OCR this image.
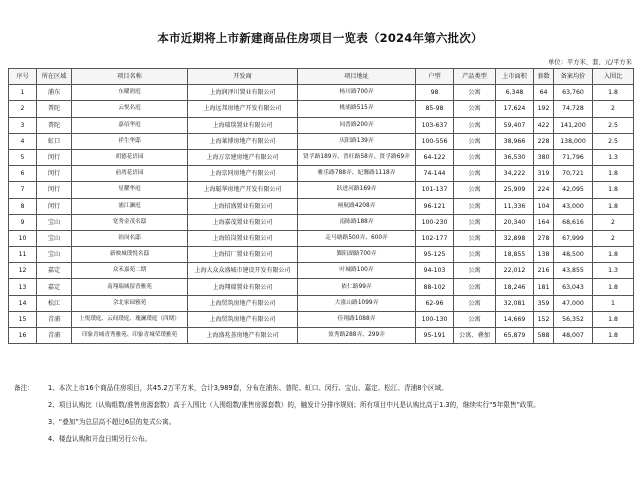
本市近期将上市新建商品住房项目一览表（2024年第六批次）
单位：平方米、套、元/平方米
序号	所在区域	项目名称	开发商	项目地址	户型	产品类型	上市面积	套数	备案均价	入围比
1	浦东	东曜润庭	上海润泽川置业有限公司	杨川路700弄	98	公寓	6,348	64	63,760	1.8
2	普陀	云悦名庭	上海远邦房地产开发有限公司	桃浦路515弄	85-98	公寓	17,624	192	74,728	2
3	普陀	嘉佰华庭	上海瑞琰置业有限公司	同普路200弄	103-637	公寓	59,407	422	141,200	2.5
4	虹口	祥生华邸	上海莱博房地产有限公司	庆阳路139弄	100-556	公寓	38,966	228	138,000	2.5
5	闵行	胡德花语园	上海万京建房地产有限公司	贤孚路189弄、普旺路58弄、贤孚路69弄	64-122	公寓	36,530	380	71,796	1.3
6	闵行	前湾花语园	上海京同房地产有限公司	雅乐路788弄、妃馨路1118弄	74-144	公寓	34,222	319	70,721	1.8
7	闵行	星耀华庭	上海聪华房地产开发有限公司	跃进河路169弄	101-137	公寓	25,909	224	42,095	1.8
8	闵行	浦江澜庭	上海招盛置业有限公司	闸航路4208弄	96-121	公寓	11,336	104	43,000	1.8
9	宝山	宽秀金茂名邸	上海嘉茂置业有限公司	南陈路188弄	100-230	公寓	20,340	164	68,616	2
10	宝山	铂岗名邸	上海铂岗置业有限公司	走马塘路500弄、600弄	102-177	公寓	32,898	278	67,999	2
11	宝山	新映城璞悦名邸	上海招厂置业有限公司	鄞阳湖路700弄	95-125	公寓	18,855	138	48,500	1.8
12	嘉定	众禾嘉苑二期	上海大众众盛城市建设开发有限公司	叶城路100弄	94-103	公寓	22,012	216	43,855	1.3
13	嘉定	南翔瑞城留香雅苑	上海翔瑞置业有限公司	依仁路99弄	88-102	公寓	18,246	181	63,043	1.8
14	松江	佘北家园雅苑	上海贸筑房地产有限公司	大涨山路1099弄	62-96	公寓	32,081	359	47,000	1
15	青浦	上悦璞庭、云间璞庭、瑰澜璞庭（四期）	上海贸筑房地产有限公司	佳翔路1088弄	100-130	公寓	14,669	152	56,352	1.8
16	青浦	印象青城青秀雅苑、印象青城荣璞雅苑	上海盛兆荟房地产有限公司	盈秀路288弄、299弄	95-191	公寓、叠加	65,879	588	48,007	1.8
备注：	1、本次上市16个商品住房项目，共45.2万平方米，合计3,989套，分布在浦东、普陀、虹口、闵行、宝山、嘉定、松江、青浦8个区域。
2、项目认购比（认购组数/准售房源套数）高于入围比（入围组数/准售房源套数）的，触发计分排序规则；所有项目中凡是认购比高于1.3的，继续实行“5年限售”政策。
3、“叠加”为总层高不超过6层的复式公寓。
4、楼盘认购和开盘日期另行公布。
